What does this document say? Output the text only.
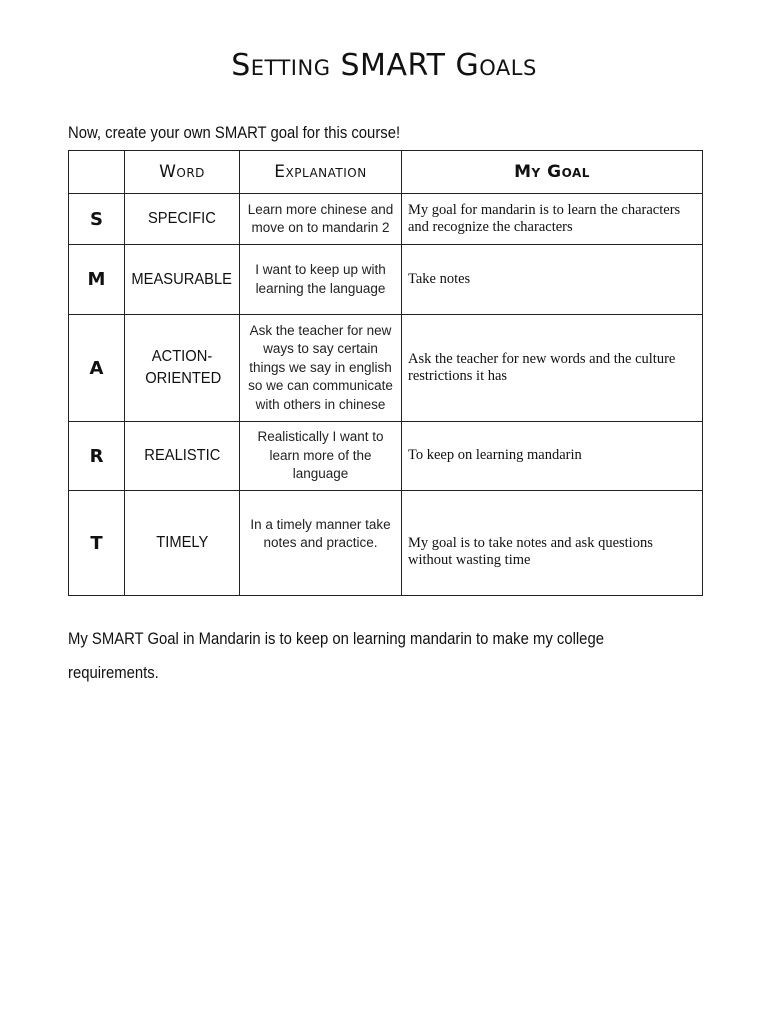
Setting SMART Goals
Now, create your own SMART goal for this course!
	Word	Explanation	My Goal
S	SPECIFIC	Learn more chinese and move on to mandarin 2	My goal for mandarin is to learn the characters and recognize the characters
M	MEASURABLE	I want to keep up with learning the language	Take notes
A	ACTION-ORIENTED	Ask the teacher for new ways to say certain things we say in english so we can communicate with others in chinese	Ask the teacher for new words and the culture restrictions it has
R	REALISTIC	Realistically I want to learn more of the language	To keep on learning mandarin
T	TIMELY	In a timely manner take notes and practice.	My goal is to take notes and ask questions without wasting time
My SMART Goal in Mandarin is to keep on learning mandarin to make my college
requirements.
